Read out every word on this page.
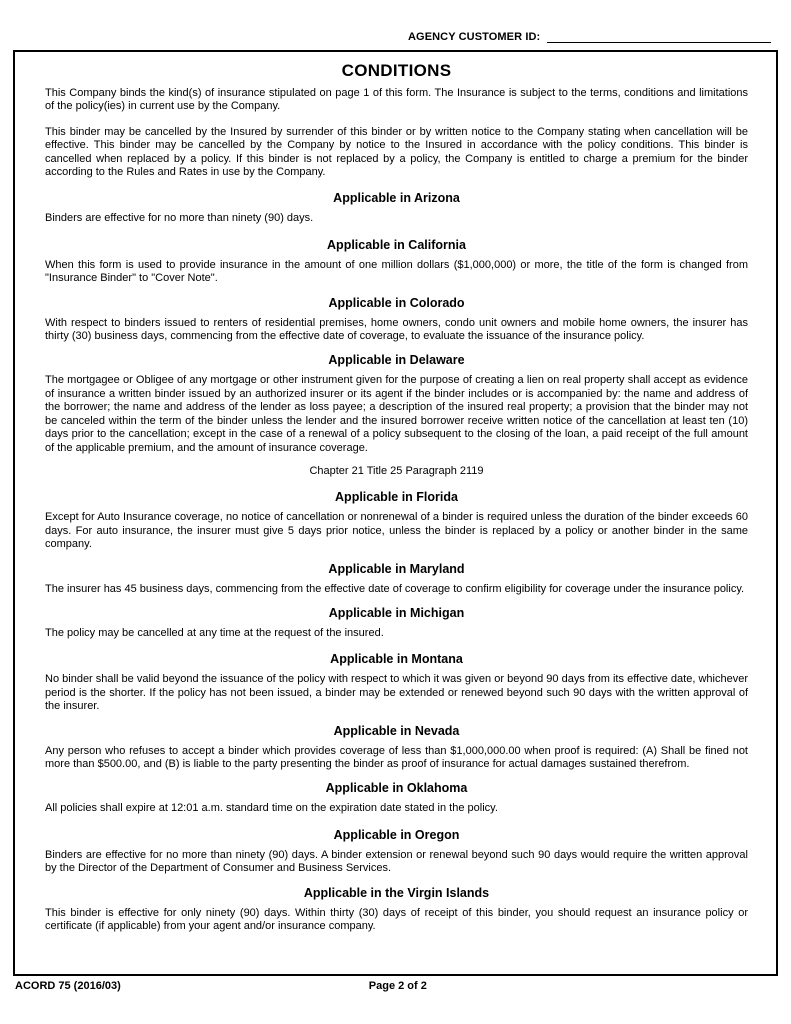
AGENCY CUSTOMER ID:
CONDITIONS
This Company binds the kind(s) of insurance stipulated on page 1 of this form. The Insurance is subject to the terms, conditions and limitations of the policy(ies) in current use by the Company.
This binder may be cancelled by the Insured by surrender of this binder or by written notice to the Company stating when cancellation will be effective. This binder may be cancelled by the Company by notice to the Insured in accordance with the policy conditions. This binder is cancelled when replaced by a policy. If this binder is not replaced by a policy, the Company is entitled to charge a premium for the binder according to the Rules and Rates in use by the Company.
Applicable in Arizona
Binders are effective for no more than ninety (90) days.
Applicable in California
When this form is used to provide insurance in the amount of one million dollars ($1,000,000) or more, the title of the form is changed from "Insurance Binder" to "Cover Note".
Applicable in Colorado
With respect to binders issued to renters of residential premises, home owners, condo unit owners and mobile home owners, the insurer has thirty (30) business days, commencing from the effective date of coverage, to evaluate the issuance of the insurance policy.
Applicable in Delaware
The mortgagee or Obligee of any mortgage or other instrument given for the purpose of creating a lien on real property shall accept as evidence of insurance a written binder issued by an authorized insurer or its agent if the binder includes or is accompanied by: the name and address of the borrower; the name and address of the lender as loss payee; a description of the insured real property; a provision that the binder may not be canceled within the term of the binder unless the lender and the insured borrower receive written notice of the cancellation at least ten (10) days prior to the cancellation; except in the case of a renewal of a policy subsequent to the closing of the loan, a paid receipt of the full amount of the applicable premium, and the amount of insurance coverage.
Chapter 21 Title 25 Paragraph 2119
Applicable in Florida
Except for Auto Insurance coverage, no notice of cancellation or nonrenewal of a binder is required unless the duration of the binder exceeds 60 days. For auto insurance, the insurer must give 5 days prior notice, unless the binder is replaced by a policy or another binder in the same company.
Applicable in Maryland
The insurer has 45 business days, commencing from the effective date of coverage to confirm eligibility for coverage under the insurance policy.
Applicable in Michigan
The policy may be cancelled at any time at the request of the insured.
Applicable in Montana
No binder shall be valid beyond the issuance of the policy with respect to which it was given or beyond 90 days from its effective date, whichever period is the shorter. If the policy has not been issued, a binder may be extended or renewed beyond such 90 days with the written approval of the insurer.
Applicable in Nevada
Any person who refuses to accept a binder which provides coverage of less than $1,000,000.00 when proof is required: (A) Shall be fined not more than $500.00, and (B) is liable to the party presenting the binder as proof of insurance for actual damages sustained therefrom.
Applicable in Oklahoma
All policies shall expire at 12:01 a.m. standard time on the expiration date stated in the policy.
Applicable in Oregon
Binders are effective for no more than ninety (90) days. A binder extension or renewal beyond such 90 days would require the written approval by the Director of the Department of Consumer and Business Services.
Applicable in the Virgin Islands
This binder is effective for only ninety (90) days. Within thirty (30) days of receipt of this binder, you should request an insurance policy or certificate (if applicable) from your agent and/or insurance company.
ACORD 75 (2016/03)	Page 2 of 2
